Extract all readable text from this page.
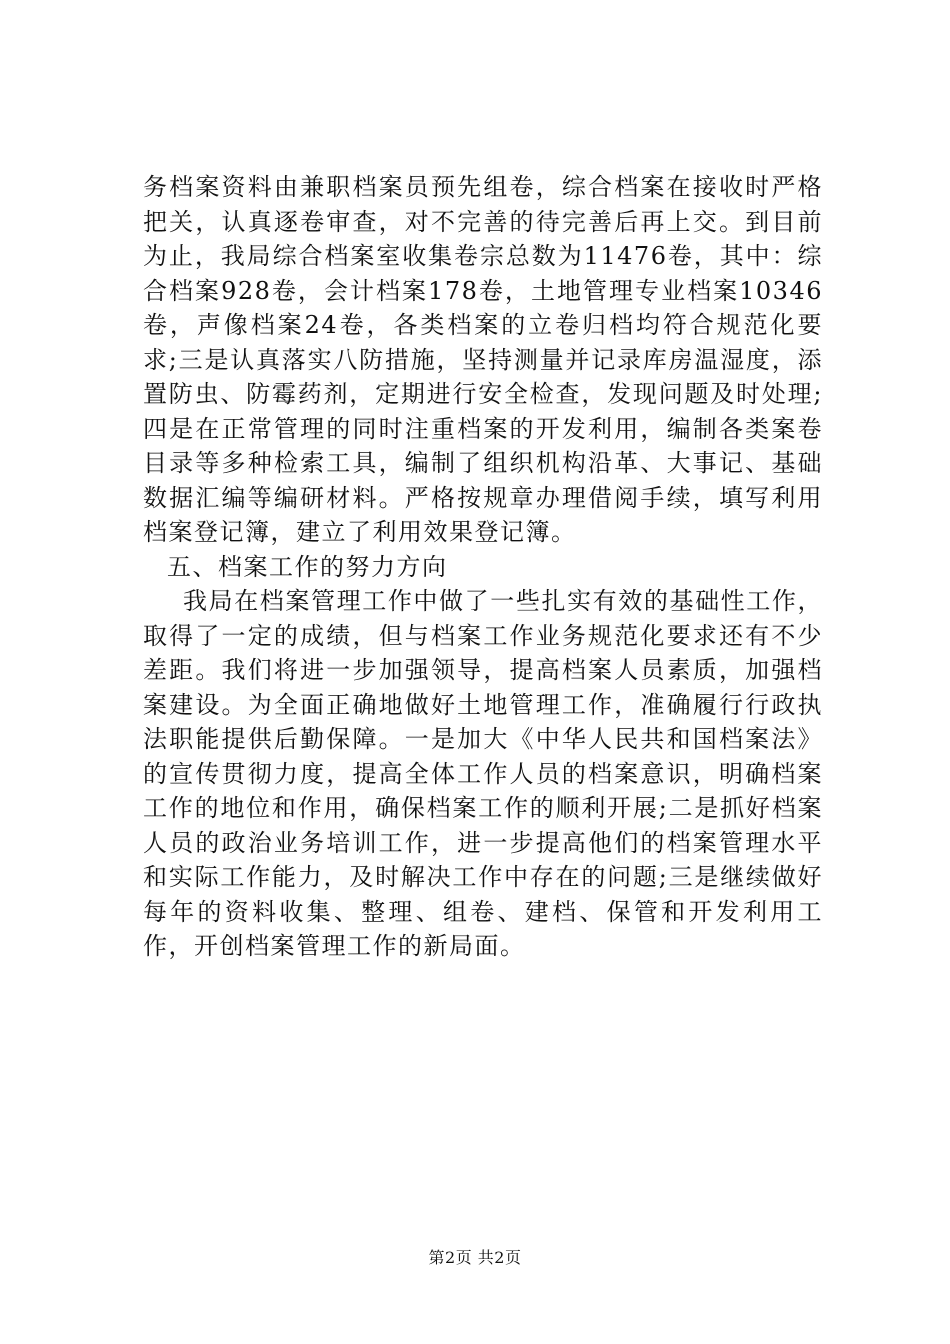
务档案资料由兼职档案员预先组卷，综合档案在接收时严格把关，认真逐卷审查，对不完善的待完善后再上交。到目前为止，我局综合档案室收集卷宗总数为11476卷，其中：综合档案928卷，会计档案178卷，土地管理专业档案10346卷，声像档案24卷，各类档案的立卷归档均符合规范化要求;三是认真落实八防措施，坚持测量并记录库房温湿度，添置防虫、防霉药剂，定期进行安全检查，发现问题及时处理;四是在正常管理的同时注重档案的开发利用，编制各类案卷目录等多种检索工具，编制了组织机构沿革、大事记、基础数据汇编等编研材料。严格按规章办理借阅手续，填写利用档案登记簿，建立了利用效果登记簿。

五、档案工作的努力方向

我局在档案管理工作中做了一些扎实有效的基础性工作，取得了一定的成绩，但与档案工作业务规范化要求还有不少差距。我们将进一步加强领导，提高档案人员素质，加强档案建设。为全面正确地做好土地管理工作，准确履行行政执法职能提供后勤保障。一是加大《中华人民共和国档案法》的宣传贯彻力度，提高全体工作人员的档案意识，明确档案工作的地位和作用，确保档案工作的顺利开展;二是抓好档案人员的政治业务培训工作，进一步提高他们的档案管理水平和实际工作能力，及时解决工作中存在的问题;三是继续做好每年的资料收集、整理、组卷、建档、保管和开发利用工作，开创档案管理工作的新局面。

第2页 共2页
